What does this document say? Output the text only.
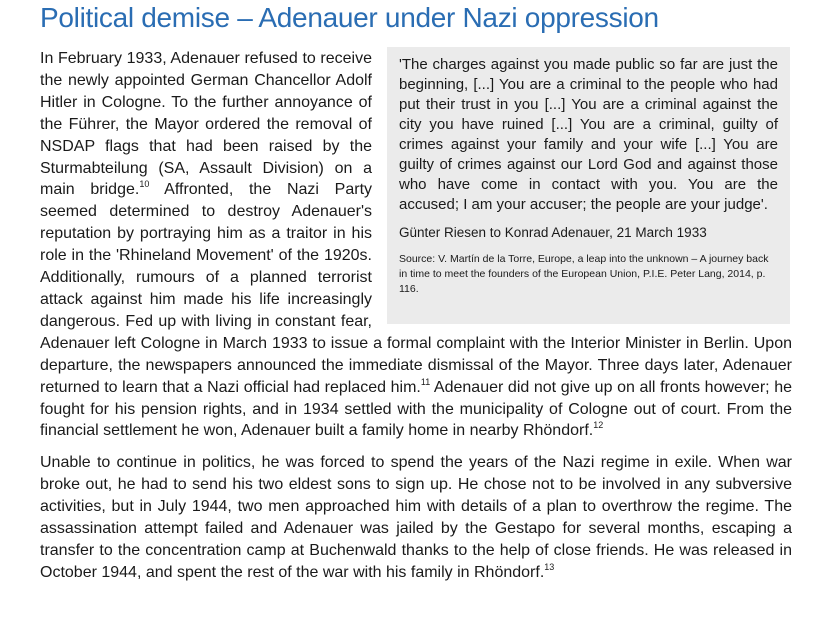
Political demise – Adenauer under Nazi oppression

In February 1933, Adenauer refused to receive the newly appointed German Chancellor Adolf Hitler in Cologne. To the further annoyance of the Führer, the Mayor ordered the removal of NSDAP flags that had been raised by the Sturmabteilung (SA, Assault Division) on a main bridge.$^{10}$ Affronted, the Nazi Party seemed determined to destroy Adenauer's reputation by portraying him as a traitor in his role in the 'Rhineland Movement' of the 1920s. Additionally, rumours of a planned terrorist attack against him made his life increasingly dangerous. Fed up with living in constant fear, Adenauer left Cologne in March 1933 to issue a formal complaint with the Interior Minister in Berlin. Upon departure, the newspapers announced the immediate dismissal of the Mayor. Three days later, Adenauer returned to learn that a Nazi official had replaced him.$^{11}$ Adenauer did not give up on all fronts however; he fought for his pension rights, and in 1934 settled with the municipality of Cologne out of court. From the financial settlement he won, Adenauer built a family home in nearby Rhöndorf.$^{12}$

Unable to continue in politics, he was forced to spend the years of the Nazi regime in exile. When war broke out, he had to send his two eldest sons to sign up. He chose not to be involved in any subversive activities, but in July 1944, two men approached him with details of a plan to overthrow the regime. The assassination attempt failed and Adenauer was jailed by the Gestapo for several months, escaping a transfer to the concentration camp at Buchenwald thanks to the help of close friends. He was released in October 1944, and spent the rest of the war with his family in Rhöndorf.$^{13}$

'The charges against you made public so far are just the beginning, [...] You are a criminal to the people who had put their trust in you [...] You are a criminal against the city you have ruined [...] You are a criminal, guilty of crimes against your family and your wife [...] You are guilty of crimes against our Lord God and against those who have come in contact with you. You are the accused; I am your accuser; the people are your judge'.

Günter Riesen to Konrad Adenauer, 21 March 1933

Source: V. Martín de la Torre, Europe, a leap into the unknown – A journey back in time to meet the founders of the European Union, P.I.E. Peter Lang, 2014, p. 116.
